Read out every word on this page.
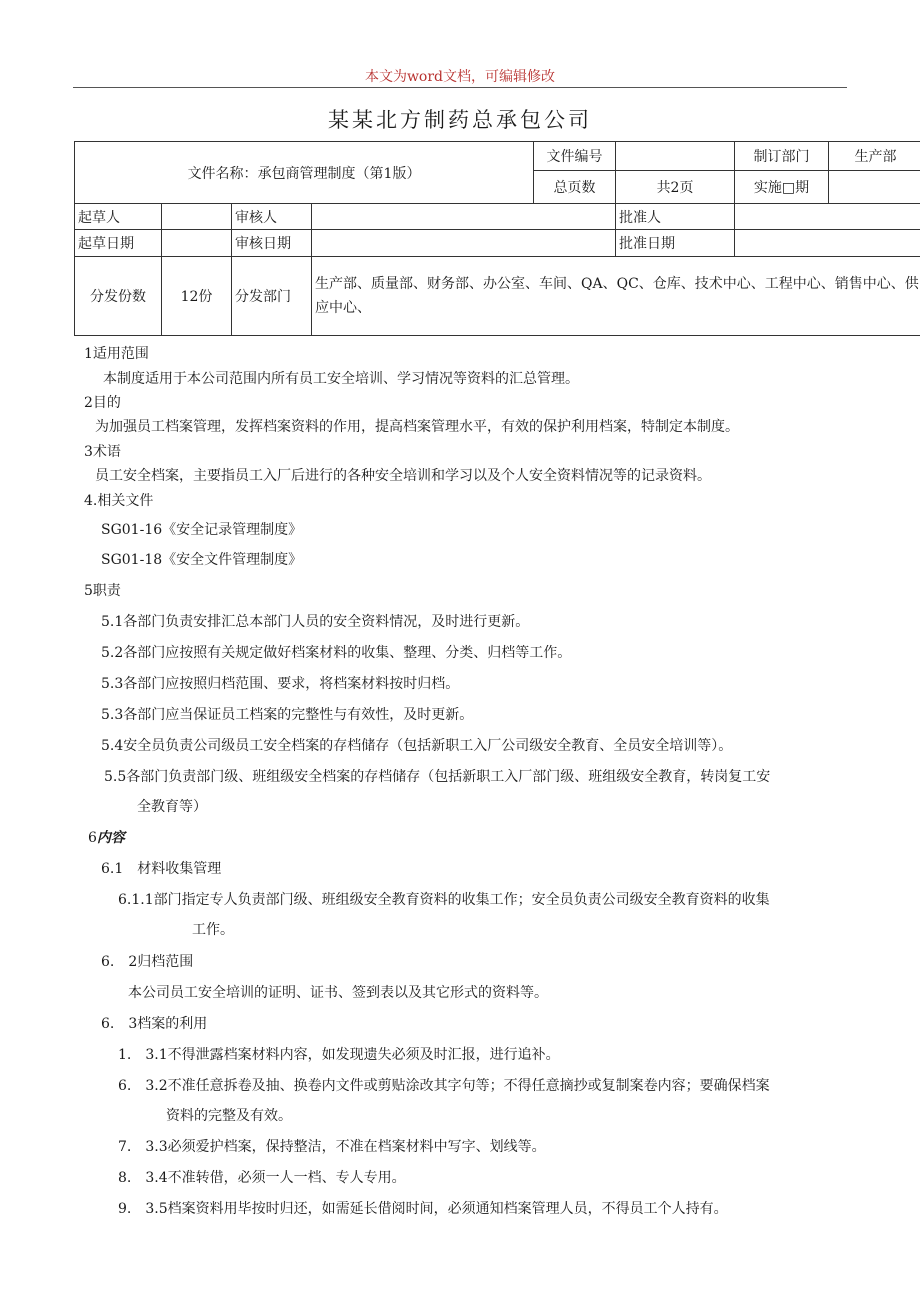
本文为word文档，可编辑修改
某某北方制药总承包公司
文件名称：承包商管理制度（第1版）				文件编号		制订部门	生产部
				总页数	共2页	实施□期	
起草人		审核人			批准人		
起草日期		审核日期			批准日期		
分发份数	12份	分发部门	生产部、质量部、财务部、办公室、车间、QA、QC、仓库、技术中心、工程中心、销售中心、供应中心、				
1适用范围
本制度适用于本公司范围内所有员工安全培训、学习情况等资料的汇总管理。
2目的
为加强员工档案管理，发挥档案资料的作用，提高档案管理水平，有效的保护利用档案，特制定本制度。
3术语
员工安全档案，主要指员工入厂后进行的各种安全培训和学习以及个人安全资料情况等的记录资料。
4.相关文件
SG01-16《安全记录管理制度》
SG01-18《安全文件管理制度》
5职责
5.1各部门负责安排汇总本部门人员的安全资料情况，及时进行更新。
5.2各部门应按照有关规定做好档案材料的收集、整理、分类、归档等工作。
5.3各部门应按照归档范围、要求，将档案材料按时归档。
5.3各部门应当保证员工档案的完整性与有效性，及时更新。
5.4安全员负责公司级员工安全档案的存档储存（包括新职工入厂公司级安全教育、全员安全培训等）。
5.5各部门负责部门级、班组级安全档案的存档储存（包括新职工入厂部门级、班组级安全教育，转岗复工安
全教育等）
6内容
6.1　材料收集管理
6.1.1部门指定专人负责部门级、班组级安全教育资料的收集工作；安全员负责公司级安全教育资料的收集
工作。
6.　2归档范围
本公司员工安全培训的证明、证书、签到表以及其它形式的资料等。
6.　3档案的利用
1.　3.1不得泄露档案材料内容，如发现遗失必须及时汇报，进行追补。
6.　3.2不准任意拆卷及抽、换卷内文件或剪贴涂改其字句等；不得任意摘抄或复制案卷内容；要确保档案
资料的完整及有效。
7.　3.3必须爱护档案，保持整洁，不准在档案材料中写字、划线等。
8.　3.4不准转借，必须一人一档、专人专用。
9.　3.5档案资料用毕按时归还，如需延长借阅时间，必须通知档案管理人员，不得员工个人持有。
